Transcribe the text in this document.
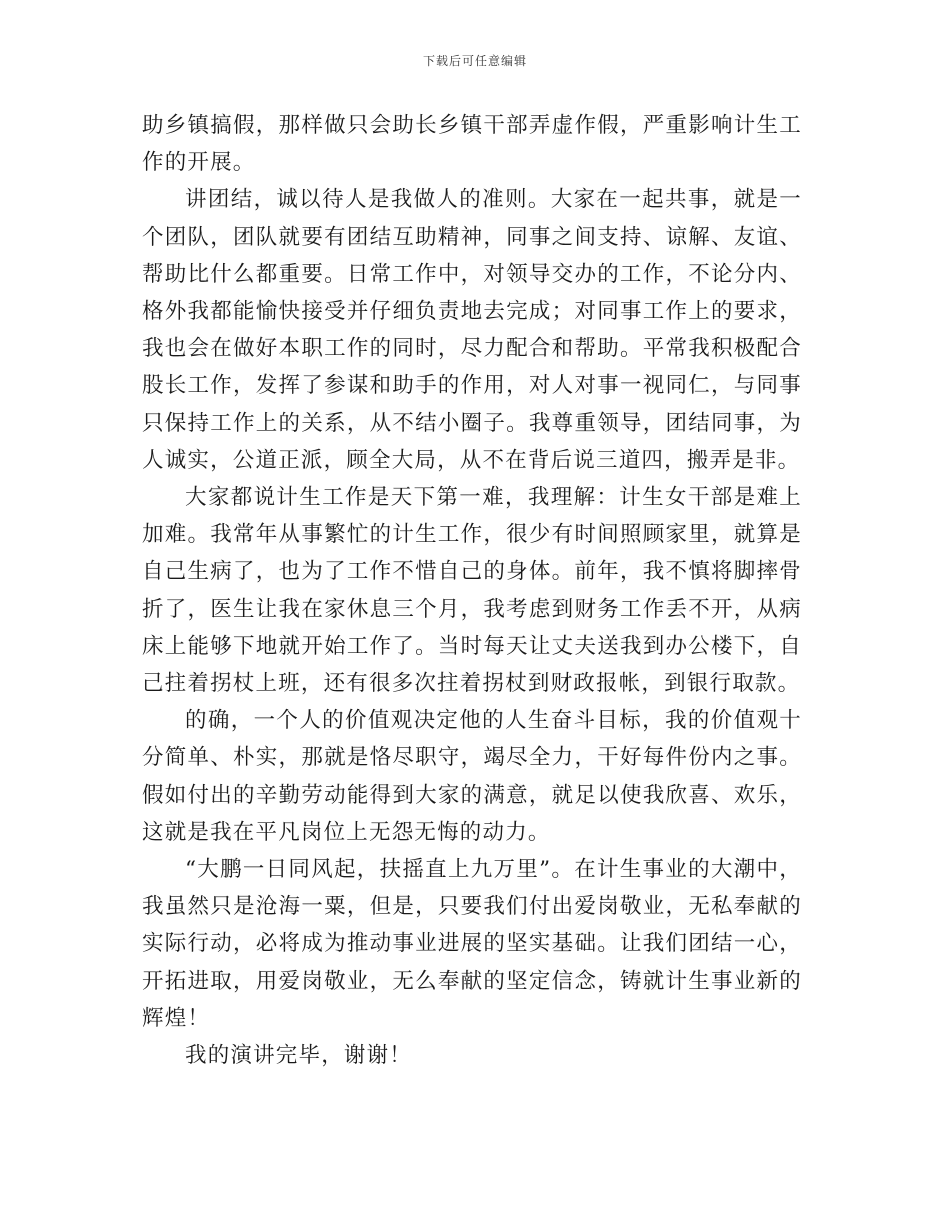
下载后可任意编辑

助乡镇搞假，那样做只会助长乡镇干部弄虚作假，严重影响计生工作的开展。

讲团结，诚以待人是我做人的准则。大家在一起共事，就是一个团队，团队就要有团结互助精神，同事之间支持、谅解、友谊、帮助比什么都重要。日常工作中，对领导交办的工作，不论分内、格外我都能愉快接受并仔细负责地去完成；对同事工作上的要求，我也会在做好本职工作的同时，尽力配合和帮助。平常我积极配合股长工作，发挥了参谋和助手的作用，对人对事一视同仁，与同事只保持工作上的关系，从不结小圈子。我尊重领导，团结同事，为人诚实，公道正派，顾全大局，从不在背后说三道四，搬弄是非。

大家都说计生工作是天下第一难，我理解：计生女干部是难上加难。我常年从事繁忙的计生工作，很少有时间照顾家里，就算是自己生病了，也为了工作不惜自己的身体。前年，我不慎将脚摔骨折了，医生让我在家休息三个月，我考虑到财务工作丢不开，从病床上能够下地就开始工作了。当时每天让丈夫送我到办公楼下，自己拄着拐杖上班，还有很多次拄着拐杖到财政报帐，到银行取款。

的确，一个人的价值观决定他的人生奋斗目标，我的价值观十分简单、朴实，那就是恪尽职守，竭尽全力，干好每件份内之事。假如付出的辛勤劳动能得到大家的满意，就足以使我欣喜、欢乐，这就是我在平凡岗位上无怨无悔的动力。

“大鹏一日同风起，扶摇直上九万里”。在计生事业的大潮中，我虽然只是沧海一粟，但是，只要我们付出爱岗敬业，无私奉献的实际行动，必将成为推动事业进展的坚实基础。让我们团结一心，开拓进取，用爱岗敬业，无么奉献的坚定信念，铸就计生事业新的辉煌！

我的演讲完毕，谢谢！
